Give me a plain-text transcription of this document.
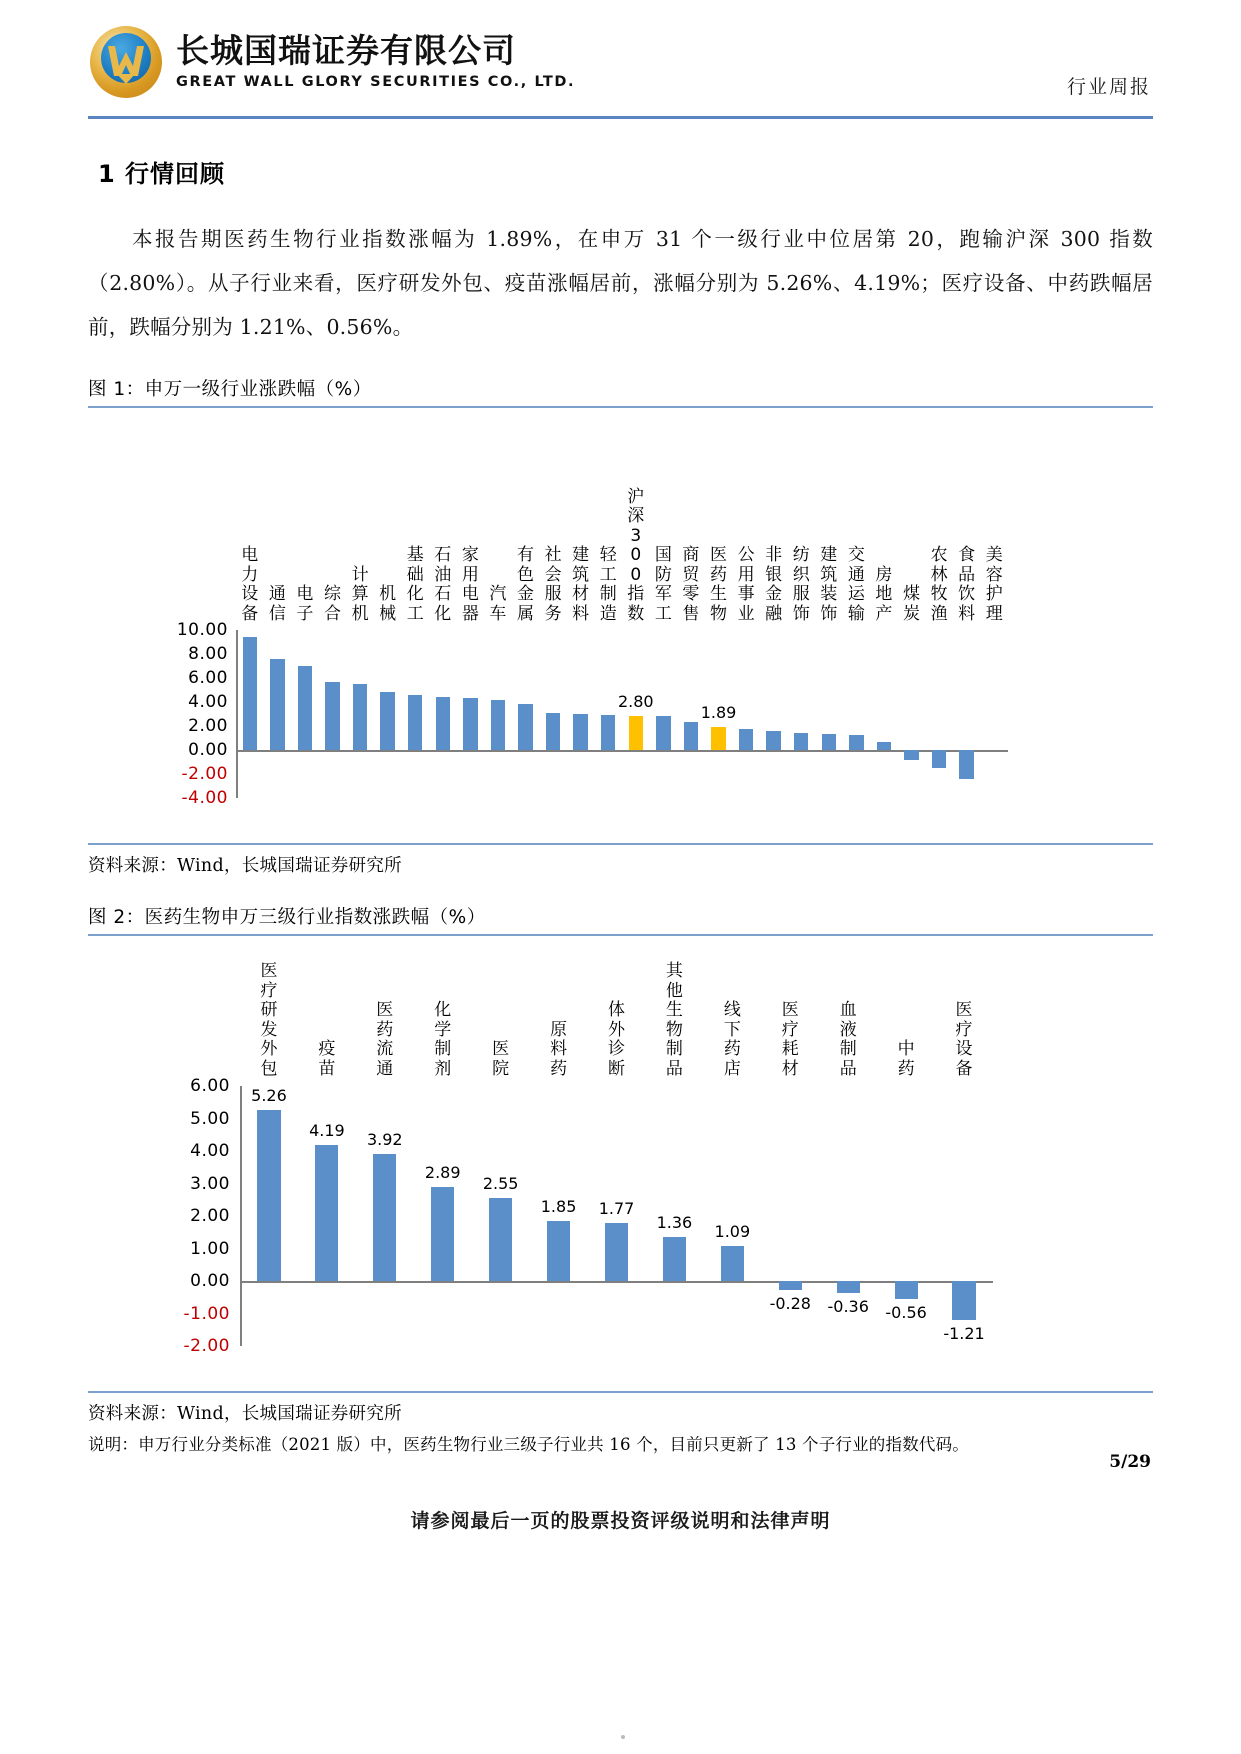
长城国瑞证券有限公司
GREAT WALL GLORY SECURITIES CO., LTD.	行业周报
1 行情回顾

本报告期医药生物行业指数涨幅为 1.89%，在申万 31 个一级行业中位居第 20，跑输沪深 300 指数（2.80%）。从子行业来看，医疗研发外包、疫苗涨幅居前，涨幅分别为 5.26%、4.19%；医疗设备、中药跌幅居前，跌幅分别为 1.21%、0.56%。

图 1：申万一级行业涨跌幅（%）
10.00
8.00
6.00
4.00
2.00
0.00
-2.00
-4.00
2.80
1.89
电
力
设
备
通
信
电
子
综
合
计
算
机
机
械
基
础
化
工
石
油
石
化
家
用
电
器
汽
车
有
色
金
属
社
会
服
务
建
筑
材
料
轻
工
制
造
沪
深
3
0
0
指
数
国
防
军
工
商
贸
零
售
医
药
生
物
公
用
事
业
非
银
金
融
纺
织
服
饰
建
筑
装
饰
交
通
运
输
房
地
产
煤
炭
农
林
牧
渔
食
品
饮
料
美
容
护
理
资料来源：Wind，长城国瑞证券研究所
图 2：医药生物申万三级行业指数涨跌幅（%）
6.00
5.00
4.00
3.00
2.00
1.00
0.00
-1.00
-2.00
5.26
4.19 3.92
2.89
2.55
1.85 1.77
1.36 1.09
-0.28 -0.36 -0.56
-1.21
医
疗
研
发
外
包
疫
苗
医
药
流
通
化
学
制
剂
医
院
原
料
药
体
外
诊
断
其
他
生
物
制
品
线
下
药
店
医
疗
耗
材
血
液
制
品
中
药
医
疗
设
备
资料来源：Wind，长城国瑞证券研究所
说明：申万行业分类标准（2021 版）中，医药生物行业三级子行业共 16 个，目前只更新了 13 个子行业的指数代码。
5/29
请参阅最后一页的股票投资评级说明和法律声明
